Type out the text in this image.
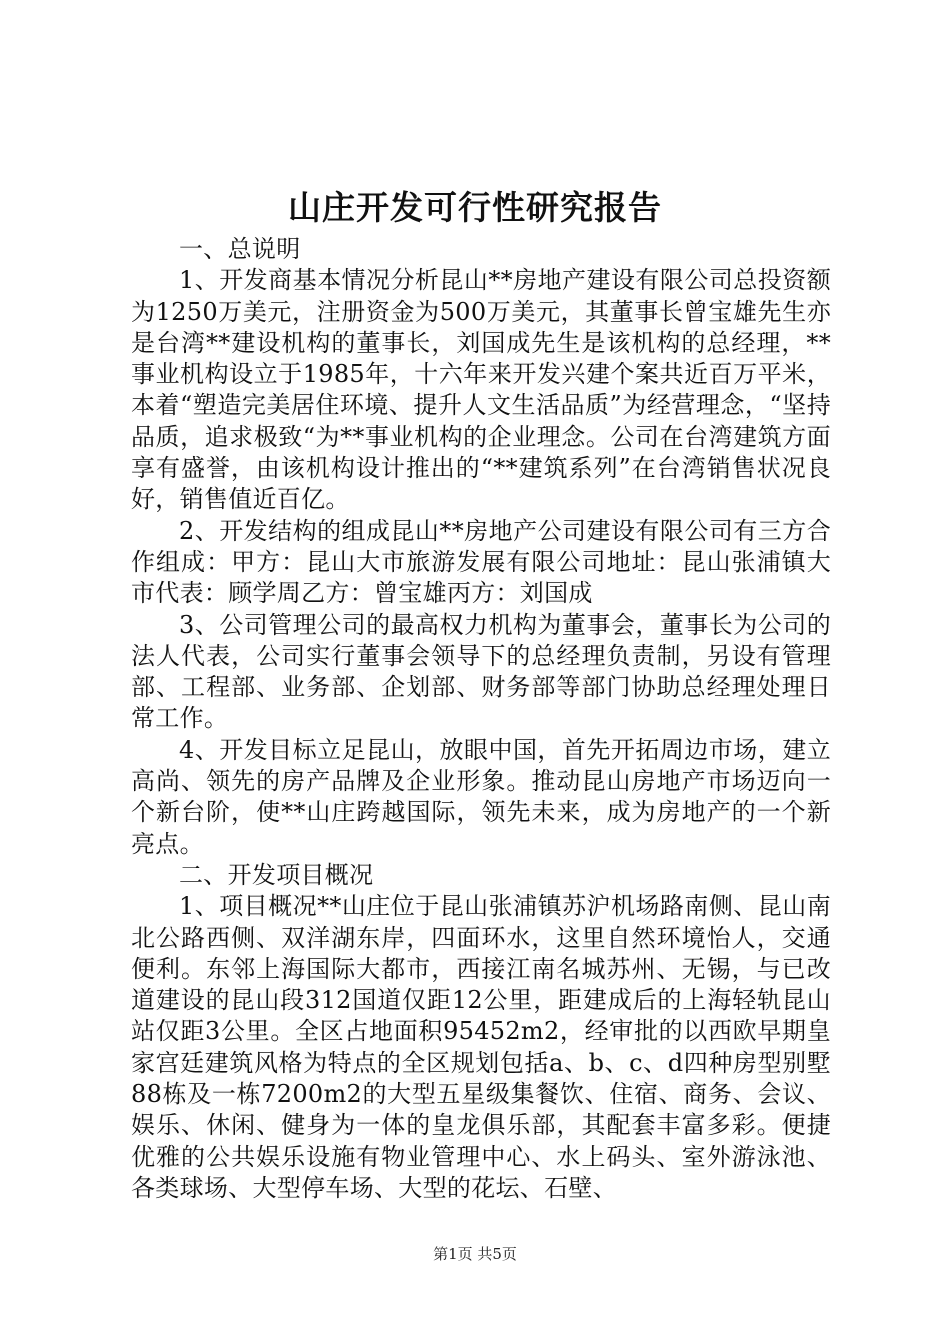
山庄开发可行性研究报告

一、总说明

1、开发商基本情况分析昆山**房地产建设有限公司总投资额为1250万美元，注册资金为500万美元，其董事长曾宝雄先生亦是台湾**建设机构的董事长，刘国成先生是该机构的总经理，**事业机构设立于1985年，十六年来开发兴建个案共近百万平米，本着“塑造完美居住环境、提升人文生活品质”为经营理念，“坚持品质，追求极致“为**事业机构的企业理念。公司在台湾建筑方面享有盛誉，由该机构设计推出的“**建筑系列”在台湾销售状况良好，销售值近百亿。

2、开发结构的组成昆山**房地产公司建设有限公司有三方合作组成：甲方：昆山大市旅游发展有限公司地址：昆山张浦镇大市代表：顾学周乙方：曾宝雄丙方：刘国成

3、公司管理公司的最高权力机构为董事会，董事长为公司的法人代表，公司实行董事会领导下的总经理负责制，另设有管理部、工程部、业务部、企划部、财务部等部门协助总经理处理日常工作。

4、开发目标立足昆山，放眼中国，首先开拓周边市场，建立高尚、领先的房产品牌及企业形象。推动昆山房地产市场迈向一个新台阶，使**山庄跨越国际，领先未来，成为房地产的一个新亮点。

二、开发项目概况

1、项目概况**山庄位于昆山张浦镇苏沪机场路南侧、昆山南北公路西侧、双洋湖东岸，四面环水，这里自然环境怡人，交通便利。东邻上海国际大都市，西接江南名城苏州、无锡，与已改道建设的昆山段312国道仅距12公里，距建成后的上海轻轨昆山站仅距3公里。全区占地面积95452m2，经审批的以西欧早期皇家宫廷建筑风格为特点的全区规划包括a、b、c、d四种房型别墅88栋及一栋7200m2的大型五星级集餐饮、住宿、商务、会议、娱乐、休闲、健身为一体的皇龙俱乐部，其配套丰富多彩。便捷优雅的公共娱乐设施有物业管理中心、水上码头、室外游泳池、各类球场、大型停车场、大型的花坛、石壁、

第1页 共5页
